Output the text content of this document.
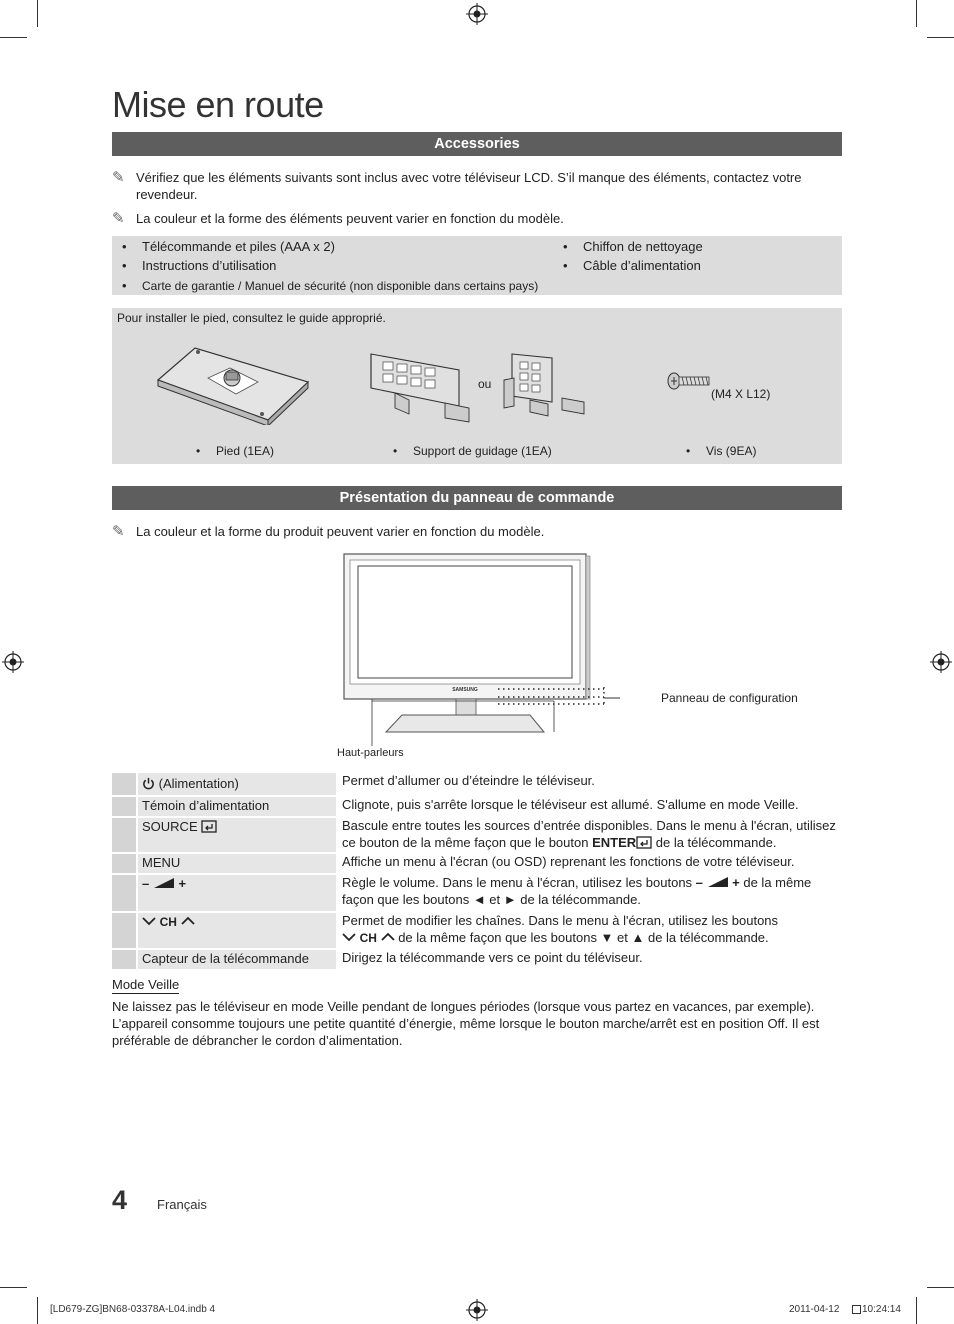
Mise en route
Accessories
✎ Vérifiez que les éléments suivants sont inclus avec votre téléviseur LCD. S’il manque des éléments, contactez votre revendeur.
✎ La couleur et la forme des éléments peuvent varier en fonction du modèle.
• Télécommande et piles (AAA x 2)
• Instructions d’utilisation
• Carte de garantie / Manuel de sécurité (non disponible dans certains pays)
• Chiffon de nettoyage
• Câble d’alimentation
Pour installer le pied, consultez le guide approprié.
ou
(M4 X L12)
• Pied (1EA)	• Support de guidage (1EA)	• Vis (9EA)
Présentation du panneau de commande
✎ La couleur et la forme du produit peuvent varier en fonction du modèle.
SAMSUNG
Panneau de configuration
Haut-parleurs
(Alimentation)	Permet d’allumer ou d’éteindre le téléviseur.
Témoin d’alimentation	Clignote, puis s'arrête lorsque le téléviseur est allumé. S'allume en mode Veille.
SOURCE	Bascule entre toutes les sources d’entrée disponibles. Dans le menu à l'écran, utilisez ce bouton de la même façon que le bouton ENTER de la télécommande.
MENU	Affiche un menu à l'écran (ou OSD) reprenant les fonctions de votre téléviseur.
– +	Règle le volume. Dans le menu à l'écran, utilisez les boutons – + de la même façon que les boutons ◄ et ► de la télécommande.
CH	Permet de modifier les chaînes. Dans le menu à l'écran, utilisez les boutons
CH  de la même façon que les boutons ▼ et ▲ de la télécommande.
Capteur de la télécommande	Dirigez la télécommande vers ce point du téléviseur.
Mode Veille
Ne laissez pas le téléviseur en mode Veille pendant de longues périodes (lorsque vous partez en vacances, par exemple). L’appareil consomme toujours une petite quantité d’énergie, même lorsque le bouton marche/arrêt est en position Off. Il est préférable de débrancher le cordon d’alimentation.
4 Français
[LD679-ZG]BN68-03378A-L04.indb 4	2011-04-12 10:24:14
